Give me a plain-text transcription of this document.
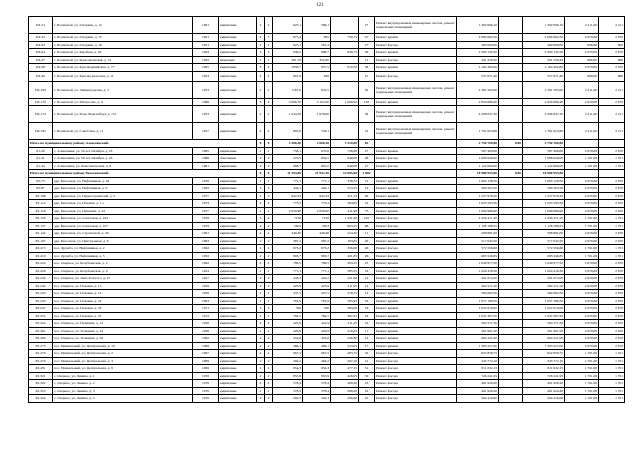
121
П4-51	г. Полевской, ул. Гагарина, д. 12	1981	кирпичные	2	2	625,1	586,1		27	Ремонт внутридомовых инженерных систем, ремонт подвальных помещений	1 302 096,10		1 302 096,10	2 211,00	2 211
П4-52	г. Полевской, ул. Гагарина, д. 15	1991	кирпичные	4	3	975,4	895	750,75	47	Ремонт крыши	2 084 662,50		2 084 662,50	2 670,00	2 670
П4-63	г. Полевской, ул. Гагарина, д. 16	1951	кирпичные	2	2	623,1	561,4		27	Ремонт фасада	300 600,00		300 600,00	806,00	806
П4-64	г. Полевской, ул. Карабаш, д. 62	1994	кирпичные	2	2	939,2	898,7	839,75	39	Ремонт крыши	2 309 132,50		2 309 132,50	2 670,00	2 670
П4-67	г. Полевской, ул. Комсомольская, д. 31	1952	каменные	2	1	381,70	352,00		11	Ремонт фасада	291 250,20		291 250,20	806,00	806
П4-68	г. Полевской, ул. Красноармейская, д. 77	1995	кирпичные	3	2	1050,7	957,5	810,50	38	Ремонт крыши	2 164 302,00		2 164 302,00	2 670,00	2 670
П4-69	г. Полевской, ул. Красноуральская, д. 11	1953	кирпичные	2	2	691,9	626		27	Ремонт фасада	557 671,40		557 671,40	806,00	806
П4-169	г. Полевской, ул. Ленинградская, д. 5	1953	кирпичные	2	2	1167,6	843,5		30	Ремонт внутридомовых инженерных систем, ремонт подвальных помещений	2 581 563,60		2 581 563,60	2 211,00	2 211
П4-170	г. Полевской, ул. Матросова, д. 9	1988	кирпичные	5	4	3 066,70	3 104,50	1 069,92	128	Ремонт крыши	2 856 686,40		2 856 686,40	2 670,00	2 670
П4-172	г. Полевской, ул. Розы Люксембург, д. 151	1953	кирпичные	2	2	1 944,30	1 678,00		39	Ремонт внутридомовых инженерных систем, ремонт подвальных помещений	4 298 847,30		4 298 847,30	2 211,00	2 211
П4-182	г. Полевской, ул. Советская, д. 11	1957	кирпичные	2	2	805,8	726,1		19	Ремонт внутридомовых инженерных систем, ремонт подвальных помещений	1 781 623,80		1 781 623,80	2 211,00	2 211
Итого по муниципальному району Алексеевский:				0	0	2 300,40	2 068,10	1 510,00	82		2 750 700,00	0,00	2 750 700,00		
Р1-40	с. Алексеевка, ул. 50 лет Октября, д. 18	1965	кирпичные	2	2	756,1	670,6	726,00	27	Ремонт крыши	587 400,00		587 400,00	2 670,00	2 670
Р1-41	с. Алексеевка, ул. 50 лет Октября, д. 23	1988	панельные	2	2	576,5	856,5	640,00	28	Ремонт фасада	1 088 640,00		1 088 640,00	1 701,00	1 701
Р1-44	с. Алексеевка, ул. Комсомольская, д. 8	1981	кирпичные	2	2	968,7	891,0	640,00	27	Ремонт фасада	1 122 660,00		1 122 660,00	1 701,00	1 701
Итого по муниципальному району Белоснежский:				0	0	11 594,00	21 952,10	12 685,60	1 882		18 980 953,00	0,00	18 980 953,00		
Р2-75	дер. Белоснеж, ул. Нефтяников, д. 26	1976	кирпичные	2	2	771,1	771,1	338,33	21	Ремонт крыши	1 664 128,50		1 664 128,50	2 670,00	2 670
Р2-87	дер. Белоснеж, ул. Нефтяников, д. 9	1952	кирпичные	2	2	442,1	442,1	213,25	14	Ремонт крыши	560 203,50		560 203,50	2 670,00	2 670
Р2-108	дер. Белоснеж, ул. Первостроителей, д. 5	1977	кирпичные	2	3	942,34	942,34	471,15	46	Ремонт крыши	1 257 976,50		1 257 976,50	2 670,00	2 670
Р2-112	дер. Белоснеж, ул. Полевая, д. 1 а	1973	кирпичные	2	2	773,3	773,3	384,05	19	Ремонт крыши	1 025 593,50		1 025 593,50	2 670,00	2 670
Р2-118	дер. Белоснеж, ул. Пушкина, д. 22	1977	кирпичные	2	2	2 059,90	2 059,90	411,98	75	Ремонт крыши	1 099 986,60		1 099 986,60	2 670,00	2 670
Р2-135	дер. Белоснеж, ул. Советская, д. 103	1978	панельные	5	4	7156	7156	1 431,20	195	Ремонт фасада	2 434 471,20		2 434 471,20	1 701,00	1 701
Р2-137	дер. Белоснеж, ул. Советская, д. 107	1979	кирпичные	4	2	2653	2653	663,25	98	Ремонт фасада	1 128 188,25		1 128 188,25	1 701,00	1 701
Р2-142	дер. Белоснеж, ул. Строителей, д. 40	1961	кирпичные	2	2	448,40	448,40	224,20	11	Ремонт крыши	598 881,00		598 881,00	2 670,00	2 670
Р2-197	дер. Белоснеж, ул. Центральная, д. 6	1963	кирпичные	2	2	387,2	387,2	193,65	29	Ремонт крыши	517 045,50		517 045,50	2 670,00	2 670
Р2-215	пос. Дружба, ул. Нефтяников, д. 2	1962	кирпичные	2	2	673,2	673,2	336,60	26	Ремонт фасада	572 556,60		572 556,60	1 701,00	1 701
Р2-219	пос. Дружба, ул. Нефтяников, д. 3	1952	кирпичные	2	2	803,7	803,7	401,85	26	Ремонт фасада	683 546,85		683 546,85	1 701,00	1 701
Р2-224	пос. Озерное, ул. Кочубеевская, д. 2	1962	кирпичные	2	2	786,5	786,5	393,25	25	Ремонт крыши	1 049 977,50		1 049 977,50	2 670,00	2 670
Р2-226	пос. Озерное, ул. Кочубеевская, д. 9	1954	кирпичные	2	2	771,1	771,1	385,55	23	Ремонт крыши	1 029 418,50		1 029 418,50	2 670,00	2 670
Р2-234	пос. Озерное, ул. Льва Толстого, д. 27	1957	кирпичные	2	2	443,2	443,2	221,60	12	Ремонт крыши	591 672,00		591 672,00	2 670,00	2 670
Р2-242	пос. Озерное, ул. Полевая, д. 13	1959	кирпичные	2	2	423,9	423,9	211,95	14	Ремонт крыши	564 571,50		564 571,50	2 670,00	2 670
Р2-243	пос. Озерное, ул. Полевая, д. 14	1958	кирпичные	2	2	437,5	437,5	218,75	14	Ремонт крыши	584 062,50		584 062,50	2 670,00	2 670
Р2-245	пос. Озерное, ул. Полевая, д. 22	1963	кирпичные	2	2	791,9	791,9	395,95	16	Ремонт крыши	1 057 186,50		1 057 186,50	2 670,00	2 670
Р2-247	пос. Озерное, ул. Полевая, д. 23	1971	кирпичные	2	2	766	766	383,00	18	Ремонт крыши	1 022 610,00		1 022 610,00	2 670,00	2 670
Р2-251	пос. Озерное, ул. Полевая, д. 25	1972	кирпичные	2	2	784,5	784,5	392,25	16	Ремонт крыши	1 047 307,50		1 047 307,50	2 670,00	2 670
Р2-254	пос. Озерное, ул. Пушкина, д. 12	1956	кирпичные	2	2	422,9	422,9	211,45	16	Ремонт крыши	564 571,50		564 571,50	2 670,00	2 670
Р2-261	пос. Озерное, ул. Тельмана, д. 24	1958	кирпичные	2	2	420,9	420,9	210,45	11	Ремонт крыши	561 901,50		561 901,50	2 670,00	2 670
Р2-269	пос. Озерное, ул. Тельмана, д. 26	1962	кирпичные	2	2	452,6	452,6	226,30	14	Ремонт крыши	604 221,00		604 221,00	2 670,00	2 670
Р2-275	пос. Привальный, ул. Центральная, д. 10	1969	кирпичные	2	2	486,1	486,1	243,05	17	Ремонт крыши	1 303 227,00		1 303 227,00	2 670,00	2 670
Р2-276	пос. Привальный, ул. Центральная, д. 2	1967	кирпичные	2	2	967,5	967,5	483,75	32	Ремонт фасада	822 858,75		822 858,75	1 701,00	1 701
Р2-279	пос. Привальный, ул. Центральная, д. 3	1969	кирпичные	2	2	404,2	404,2	202,10	12	Ремонт фасада	343 772,10		343 772,10	1 701,00	1 701
Р2-281	пос. Привальный, ул. Центральная, д. 9	1969	кирпичные	2	2	954,3	954,3	477,15	31	Ремонт фасада	811 632,15		811 632,15	1 701,00	1 701
Р2-321	с. Озерное, ул. Ленина, д. 1	1976	кирпичные	2	2	853,9	853,9	426,95	32	Ремонт фасада	726 241,95		726 241,95	1 701,00	1 701
Р2-322	с. Озерное, ул. Ленина, д. 2	1976	кирпичные	2	2	578,4	578,4	289,20	23	Ремонт фасада	491 929,20		491 929,20	1 701,00	1 701
Р2-323	с. Озерное, ул. Ленина, д. 3	1976	кирпичные	2	2	578,4	578,4	289,20	22	Ремонт фасада	491 929,20		491 929,20	1 701,00	1 701
Р2-324	с. Озерное, ул. Ленина, д. 5	1976	кирпичные	2	2	592,3	592,3	296,60	22	Ремонт фасада	504 416,60		504 416,60	1 701,00	1 701
